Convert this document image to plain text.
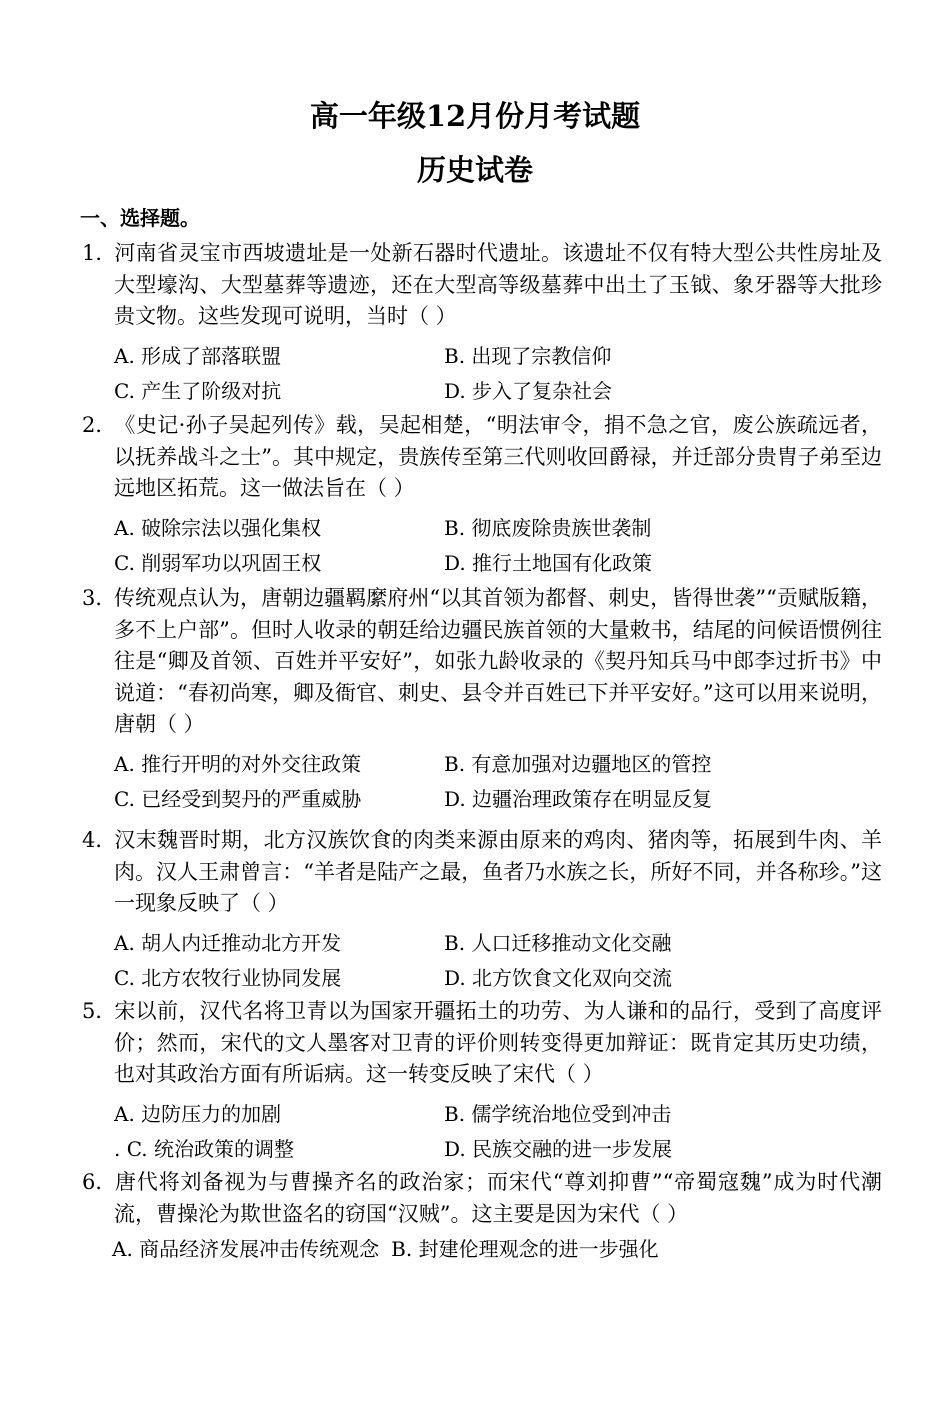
高一年级12月份月考试题
历史试卷
一、选择题。
1．河南省灵宝市西坡遗址是一处新石器时代遗址。该遗址不仅有特大型公共性房址及大型壕沟、大型墓葬等遗迹，还在大型高等级墓葬中出土了玉钺、象牙器等大批珍贵文物。这些发现可说明，当时（ ）
A. 形成了部落联盟	B. 出现了宗教信仰
C. 产生了阶级对抗	D. 步入了复杂社会
2．《史记·孙子吴起列传》载，吴起相楚，“明法审令，捐不急之官，废公族疏远者，以抚养战斗之士”。其中规定，贵族传至第三代则收回爵禄，并迁部分贵胄子弟至边远地区拓荒。这一做法旨在（ ）
A. 破除宗法以强化集权	B. 彻底废除贵族世袭制
C. 削弱军功以巩固王权	D. 推行土地国有化政策
3．传统观点认为，唐朝边疆羁縻府州“以其首领为都督、刺史，皆得世袭”“贡赋版籍，多不上户部”。但时人收录的朝廷给边疆民族首领的大量敕书，结尾的问候语惯例往往是“卿及首领、百姓并平安好”，如张九龄收录的《契丹知兵马中郎李过折书》中说道：“春初尚寒，卿及衙官、刺史、县令并百姓已下并平安好。”这可以用来说明，唐朝（ ）
A. 推行开明的对外交往政策	B. 有意加强对边疆地区的管控
C. 已经受到契丹的严重威胁	D. 边疆治理政策存在明显反复
4．汉末魏晋时期，北方汉族饮食的肉类来源由原来的鸡肉、猪肉等，拓展到牛肉、羊肉。汉人王肃曾言：“羊者是陆产之最，鱼者乃水族之长，所好不同，并各称珍。”这一现象反映了（ ）
A. 胡人内迁推动北方开发	B. 人口迁移推动文化交融
C. 北方农牧行业协同发展	D. 北方饮食文化双向交流
5．宋以前，汉代名将卫青以为国家开疆拓土的功劳、为人谦和的品行，受到了高度评价；然而，宋代的文人墨客对卫青的评价则转变得更加辩证：既肯定其历史功绩，也对其政治方面有所诟病。这一转变反映了宋代（ ）
A. 边防压力的加剧	B. 儒学统治地位受到冲击
. C. 统治政策的调整	D. 民族交融的进一步发展
6．唐代将刘备视为与曹操齐名的政治家；而宋代“尊刘抑曹”“帝蜀寇魏”成为时代潮流，曹操沦为欺世盗名的窃国“汉贼”。这主要是因为宋代（ ）
A. 商品经济发展冲击传统观念 B. 封建伦理观念的进一步强化
